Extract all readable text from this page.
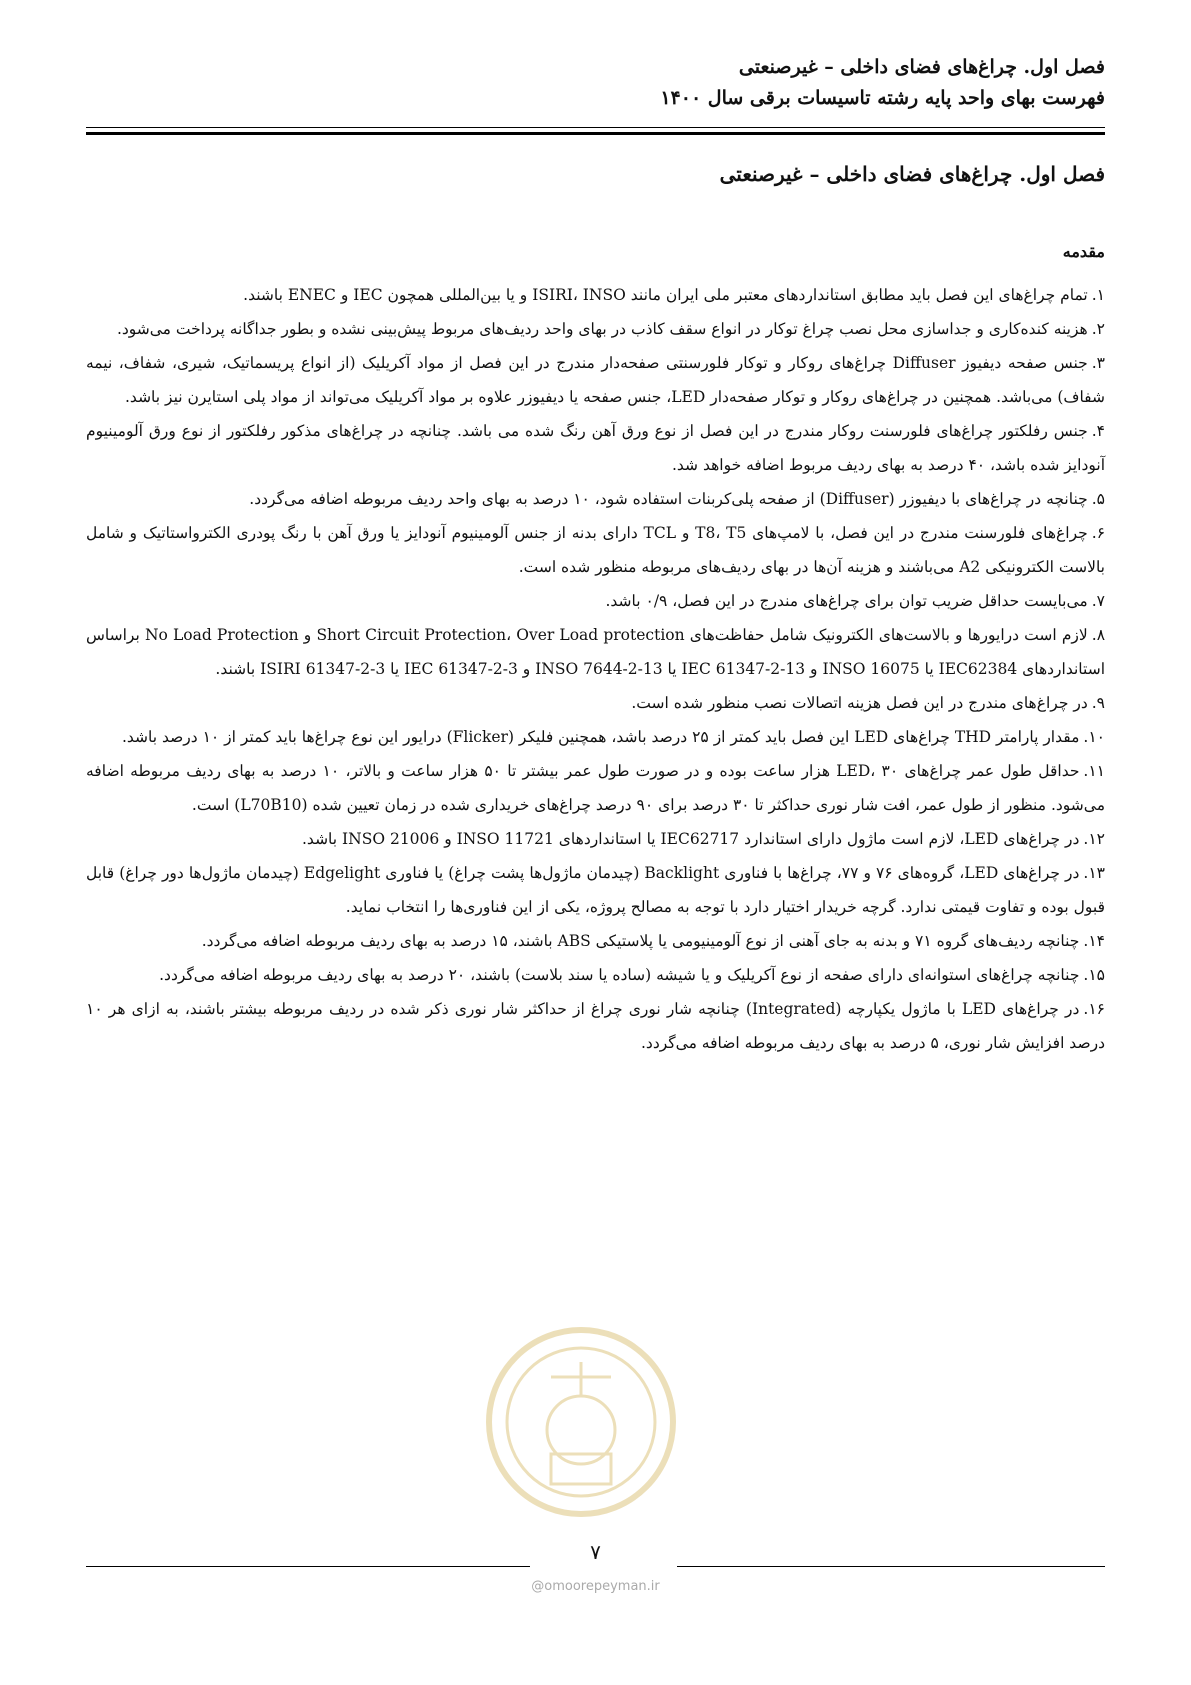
فصل اول. چراغ‌های فضای داخلی – غیرصنعتی
فهرست بهای واحد پایه رشته تاسیسات برقی سال ۱۴۰۰
فصل اول. چراغ‌های فضای داخلی – غیرصنعتی
مقدمه

۱.تمام چراغ‌های این فصل باید مطابق استانداردهای معتبر ملی ایران مانند ISIRI، INSO و یا بین‌المللی همچون IEC و ENEC باشند.

۲.هزینه کنده‌کاری و جداسازی محل نصب چراغ توکار در انواع سقف کاذب در بهای واحد ردیف‌های مربوط پیش‌بینی نشده و بطور جداگانه پرداخت می‌شود.

۳.جنس صفحه دیفیوز Diffuser چراغ‌های روکار و توکار فلورسنتی صفحه‌دار مندرج در این فصل از مواد آکریلیک (از انواع پریسماتیک، شیری، شفاف، نیمه شفاف) می‌باشد. همچنین در چراغ‌های روکار و توکار صفحه‌دار LED، جنس صفحه یا دیفیوزر علاوه بر مواد آکریلیک می‌تواند از مواد پلی استایرن نیز باشد.

۴.جنس رفلکتور چراغ‌های فلورسنت روکار مندرج در این فصل از نوع ورق آهن رنگ شده می باشد. چنانچه در چراغ‌های مذکور رفلکتور از نوع ورق آلومینیوم آنودایز شده باشد، ۴۰ درصد به بهای ردیف مربوط اضافه خواهد شد.

۵.چنانچه در چراغ‌های با دیفیوزر (Diffuser) از صفحه پلی‌کربنات استفاده شود، ۱۰ درصد به بهای واحد ردیف مربوطه اضافه می‌گردد.

۶.چراغ‌های فلورسنت مندرج در این فصل، با لامپ‌های T8، T5 و TCL دارای بدنه از جنس آلومینیوم آنودایز یا ورق آهن با رنگ پودری الکترواستاتیک و شامل بالاست الکترونیکی A2 می‌باشند و هزینه آن‌ها در بهای ردیف‌های مربوطه منظور شده است.

۷.می‌بایست حداقل ضریب توان برای چراغ‌های مندرج در این فصل، ۰/۹ باشد.

۸.لازم است درایورها و بالاست‌های الکترونیک شامل حفاظت‌های Short Circuit Protection، Over Load protection و No Load Protection براساس استانداردهای IEC62384 یا INSO 16075 و IEC 61347-2-13 یا INSO 7644-2-13 و IEC 61347-2-3 یا ISIRI 61347-2-3 باشند.

۹.در چراغ‌های مندرج در این فصل هزینه اتصالات نصب منظور شده است.

۱۰.مقدار پارامتر THD چراغ‌های LED این فصل باید کمتر از ۲۵ درصد باشد، همچنین فلیکر (Flicker) درایور این نوع چراغ‌ها باید کمتر از ۱۰ درصد باشد.

۱۱.حداقل طول عمر چراغ‌های LED، ۳۰ هزار ساعت بوده و در صورت طول عمر بیشتر تا ۵۰ هزار ساعت و بالاتر، ۱۰ درصد به بهای ردیف مربوطه اضافه می‌شود. منظور از طول عمر، افت شار نوری حداکثر تا ۳۰ درصد برای ۹۰ درصد چراغ‌های خریداری شده در زمان تعیین شده (L70B10) است.

۱۲.در چراغ‌های LED، لازم است ماژول دارای استاندارد IEC62717 یا استانداردهای INSO 11721 و INSO 21006 باشد.

۱۳.در چراغ‌های LED، گروه‌های ۷۶ و ۷۷، چراغ‌ها با فناوری Backlight (چیدمان ماژول‌ها پشت چراغ) یا فناوری Edgelight (چیدمان ماژول‌ها دور چراغ) قابل قبول بوده و تفاوت قیمتی ندارد. گرچه خریدار اختیار دارد با توجه به مصالح پروژه، یکی از این فناوری‌ها را انتخاب نماید.

۱۴.چنانچه ردیف‌های گروه ۷۱ و بدنه به جای آهنی از نوع آلومینیومی یا پلاستیکی ABS باشند، ۱۵ درصد به بهای ردیف مربوطه اضافه می‌گردد.

۱۵.چنانچه چراغ‌های استوانه‌ای دارای صفحه از نوع آکریلیک و یا شیشه (ساده یا سند بلاست) باشند، ۲۰ درصد به بهای ردیف مربوطه اضافه می‌گردد.

۱۶.در چراغ‌های LED با ماژول یکپارچه (Integrated) چنانچه شار نوری چراغ از حداکثر شار نوری ذکر شده در ردیف مربوطه بیشتر باشند، به ازای هر ۱۰ درصد افزایش شار نوری، ۵ درصد به بهای ردیف مربوطه اضافه می‌گردد.

۷
@omoorepeyman.ir
